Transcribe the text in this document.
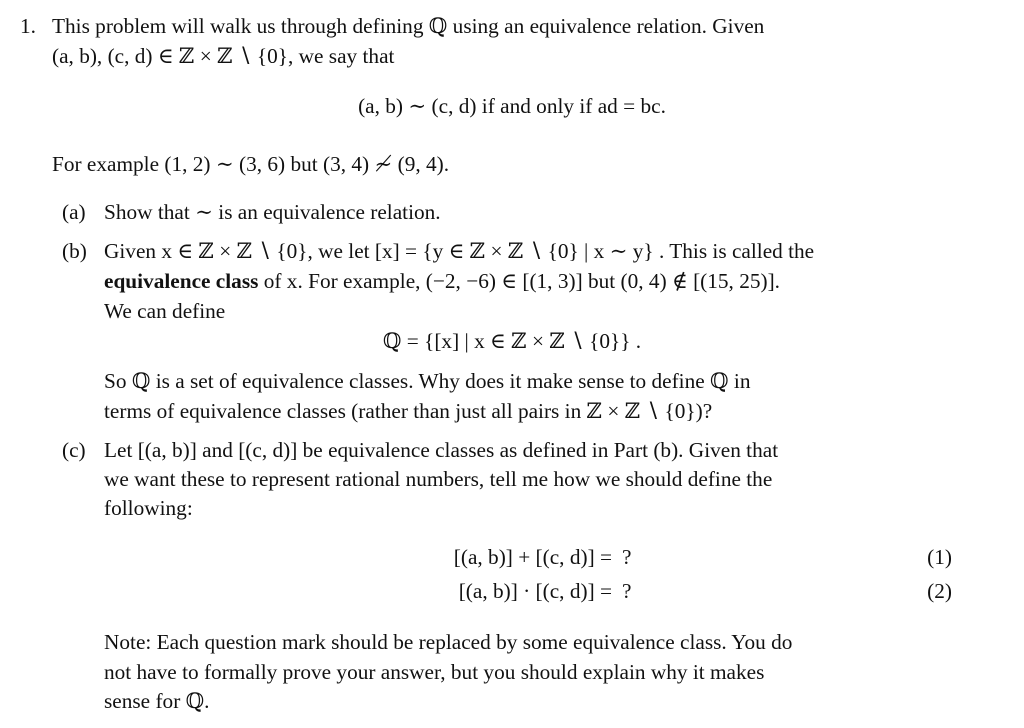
1. This problem will walk us through defining ℚ using an equivalence relation. Given
(a, b), (c, d) ∈ ℤ × ℤ ∖ {0}, we say that
(a, b) ∼ (c, d) if and only if ad = bc.
For example (1, 2) ∼ (3, 6) but (3, 4) ≁ (9, 4).
(a) Show that ∼ is an equivalence relation.
(b) Given x ∈ ℤ × ℤ ∖ {0}, we let [x] = {y ∈ ℤ × ℤ ∖ {0} | x ∼ y} . This is called the
equivalence class of x. For example, (−2, −6) ∈ [(1, 3)] but (0, 4) ∉ [(15, 25)].
We can define
ℚ = {[x] | x ∈ ℤ × ℤ ∖ {0}} .
So ℚ is a set of equivalence classes. Why does it make sense to define ℚ in
terms of equivalence classes (rather than just all pairs in ℤ × ℤ ∖ {0})?
(c) Let [(a, b)] and [(c, d)] be equivalence classes as defined in Part (b). Given that
we want these to represent rational numbers, tell me how we should define the
following:
[(a, b)] + [(c, d)] = ?	(1)
[(a, b)] · [(c, d)] = ?	(2)
Note: Each question mark should be replaced by some equivalence class. You do
not have to formally prove your answer, but you should explain why it makes
sense for ℚ.
